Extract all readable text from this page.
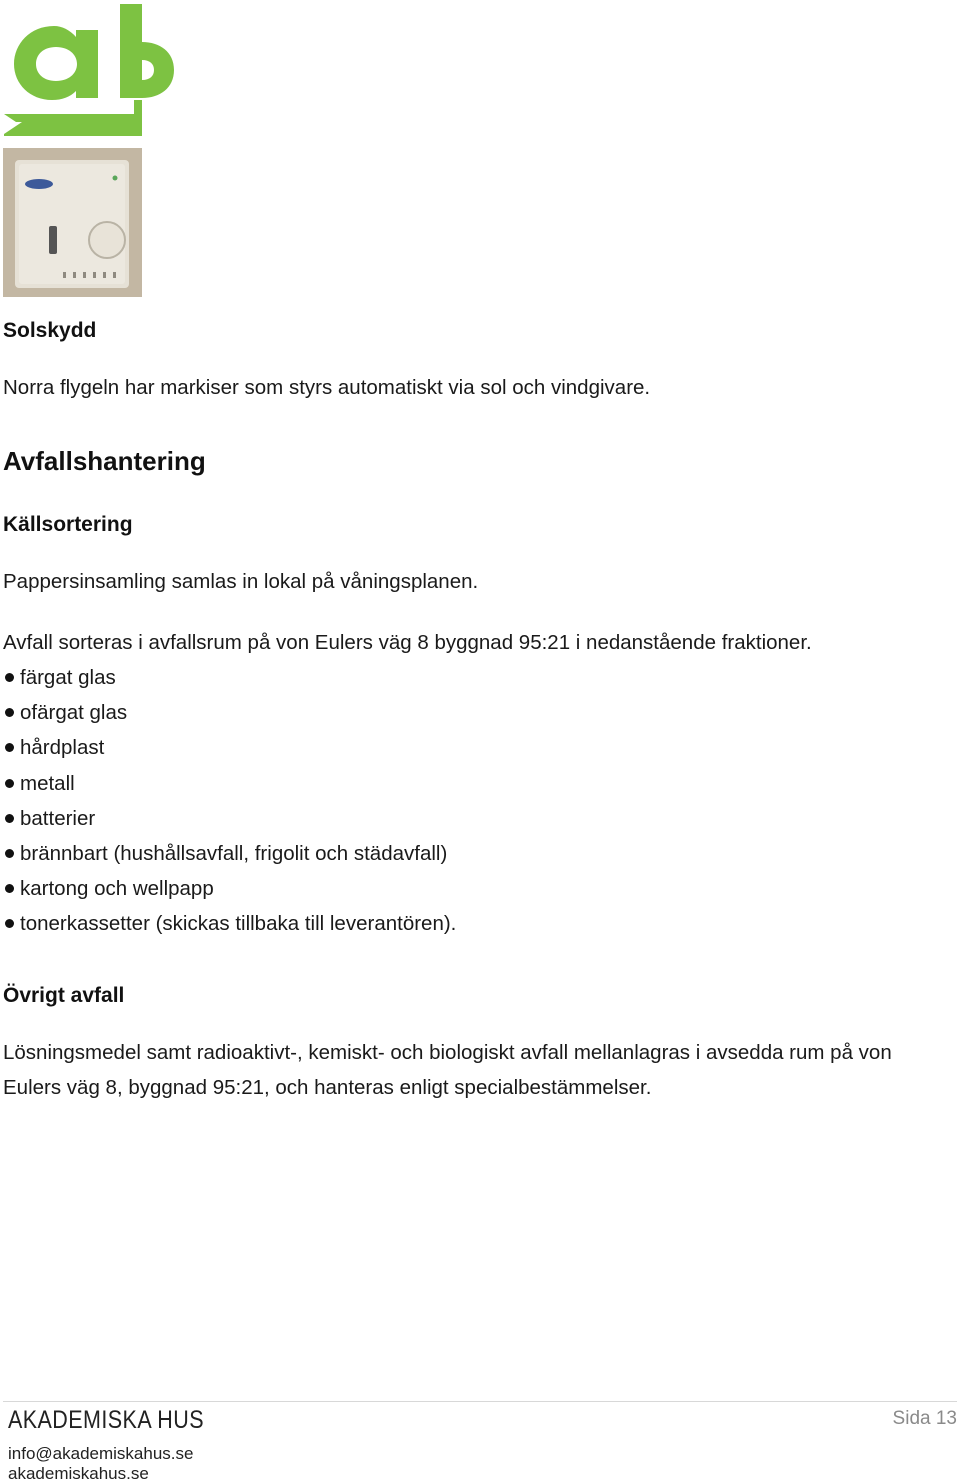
Solskydd

Norra flygeln har markiser som styrs automatiskt via sol och vindgivare.

Avfallshantering
Källsortering

Pappersinsamling samlas in lokal på våningsplanen.

Avfall sorteras i avfallsrum på von Eulers väg 8 byggnad 95:21 i nedanstående fraktioner.

färgat glas
ofärgat glas
hårdplast
metall
batterier
brännbart (hushållsavfall, frigolit och städavfall)
kartong och wellpapp
tonerkassetter (skickas tillbaka till leverantören).
Övrigt avfall

Lösningsmedel samt radioaktivt-, kemiskt- och biologiskt avfall mellanlagras i avsedda rum på von

Eulers väg 8, byggnad 95:21, och hanteras enligt specialbestämmelser.

AKADEMISKA HUS
info@akademiskahus.se
akademiskahus.se
Sida 13
